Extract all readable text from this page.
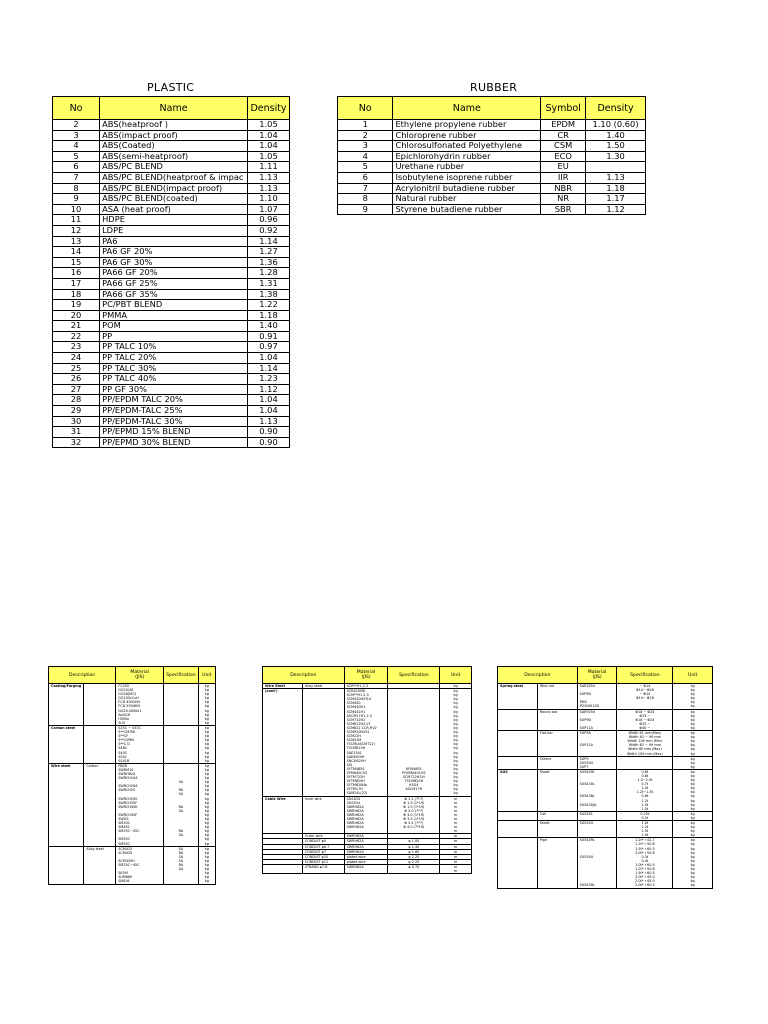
PLASTIC	RUBBER
No	Name	Density
2	ABS(heatproof )	1.05
3	ABS(impact proof)	1.04
4	ABS(Coated)	1.04
5	ABS(semi-heatproof)	1.05
6	ABS/PC BLEND	1.11
7	ABS/PC BLEND(heatproof & impac	1.13
8	ABS/PC BLEND(impact proof)	1.13
9	ABS/PC BLEND(coated)	1.10
10	ASA (heat proof)	1.07
11	HDPE	0.96
12	LDPE	0.92
13	PA6	1.14
14	PA6 GF 20%	1.27
15	PA6 GF 30%	1.36
16	PA66 GF 20%	1.28
17	PA66 GF 25%	1.31
18	PA66 GF 35%	1.38
19	PC/PBT BLEND	1.22
20	PMMA	1.18
21	POM	1.40
22	PP	0.91
23	PP TALC 10%	0.97
24	PP TALC 20%	1.04
25	PP TALC 30%	1.14
26	PP TALC 40%	1.23
27	PP GF 30%	1.12
28	PP/EPDM TALC 20%	1.04
29	PP/EPDM-TALC 25%	1.04
30	PP/EPDM-TALC 30%	1.13
31	PP/EPMD 15% BLEND	0.90
32	PP/EPMD 30% BLEND	0.90
No	Name	Symbol	Density
1	Ethylene propylene rubber	EPDM	1.10 (0.60)
2	Chloroprene rubber	CR	1.40
3	Chlorosulfonated Polyethylene	CSM	1.50
4	Epichlorohydrin rubber	ECO	1.30
5	Urethane rubber	EU	
6	Isobutylene isoprene rubber	IIR	1.13
7	Acrylonitril butadiene rubber	NBR	1.18
8	Natural rubber	NR	1.17
9	Styrene butadiene rubber	SBR	1.12
Description		Material
(JIS)	Specification	Unit
Casting/Forging		FC250		kg
		GG20/26		kg
		GG26(MO)		kg
		GG20GrCuH		kg
		FCD 400/450		kg
		FCD 500/600		kg
		GG20-SiMo51		kg
		SoGGH		kg
		HSiMo		kg
		SUS		kg
Carbon steel		S35C ~ S53C		kg
		S**CM,RB		kg
		S**CF		kg
		S**CVMN		kg
		S**C D		kg
		S48C		kg
		S40C		kg
		SS41		kg
		SS41B		kg
Wire steel	Carbon	FB08		kg
		SWRM10		kg
		SWRH62A		kg
		SWRCH10A		kg
			SA	kg
		SWRCH18A		kg
		SWRCH25	RA	kg
			SA	kg
		SWRCH25K		kg
		SWRCH25F		kg
		SWRCH45K	RA	kg
			SA	kg
		SWRCH45F		kg
		SWG3		kg
		SM20C		kg
		SM45C		kg
		SM25C~45C	RA	kg
			SA	kg
		SM50C		kg
		SM55C		kg
	Alloy steel	SCM415	SA	kg
		SCM435	RA	kg
			SA	kg
		SCM435H	SA	kg
		SM25C~45C	RA	kg
			SA	kg
		SK5M		kg
		SUM660		kg
		SN816		kg
Description		Material
(JIS)	Specification	Unit
Wire Steel	Alloy steel	SCR**H1,2,3		kg
(cont')		SCR420HB		kg
		SCM**H1,2,3		kg
		SCM420H/H1V		kg
		SCM440		kg
		SCM440H1		kg
		SCM441H1		kg
		ASCM17H1,2,3		kg
		SCM722H2		kg
		SCM822H2,V1		kg
		SCM822 CCR,HV2		kg
		SCM920HVS1		kg
		SCM22H		kg
		SCM41M		kg
		TSCM(ASCM722)		kg
		TSCM815H		kg
		SAE1541		kg
		SAE8620H		kg
		SNCM420H		kg
		SUJ		kg
		SYTM485S	KFM48S5	kg
		SYMA40CVS	POSMA40CVS	kg
		SYTM722H	SCM722H2VI	kg
		SYTM820H	TSCM820H	kg
		SYTM820Nb	KSG4	kg
		SYTM17H	ASCM17H	kg
		SUM24L(22)		kg
Cable Wire	Inner wire	SUS304	Φ 1.2 (7*7)	m
		SUS304	Φ 1.5 (1*19)	m
		SWRH62A	Φ 1.5 (1*19)	m
		SWRH62A	Φ 2.0 (7*7)	m
		SWRH62A	Φ 3.0 (1*19)	m
		SWRH62A	Φ 3.5 (1*19)	m
		SWRH62A	Φ 3.5 (7*7)	m
		SWRH62A	Φ 4.0 (7*19)	m
				m
	Outer wire	SWRH62A		m
	CONDUIT φ5	SWRH62A	φ 1.00	m
	CONDUIT φ6.7	SWRH62A	φ 1.40	m
	CONDUIT φ7	SWRH62A	φ 1.60	m
	CONDUIT φ10	plated wire	φ 2.20	m
	CONDUIT φ11	plated wire	φ 2.20	m
	STRAND φ7.8	SWRH62A	φ 0.70	m
				m
Description		Material
(JIS)	Specification	Unit
Spring steel	Wire rod	SAE9254	~ Φ14	kg
			Φ14~ Φ18	kg
		SUP9D	~ Φ14	kg
			Φ14~ Φ18	kg
		PW2		kg
		POSHIS12D		kg
	Round bar	SAE9254	Φ18 ~ Φ24	kg
			Φ25 ~	kg
		SUP9D	Φ18 ~ Φ24	kg
			Φ25 ~	kg
		SUP11A	Φ40 ~	kg
	Flat bar	SUP9A	Width 61 mm(Max)	kg
			Width 61 ~ 99 mm	kg
			Width 100 mm (Min)	kg
		SUP11A	Width 61 ~ 99 mm	kg
			Width 60 mm (Max)	kg
			Width 100 mm (Max)	kg
	Others	SUP9		kg
		SUS304		kg
		SUP7		kg
SUS	Sheet	SUS409L	0.6t	kg
			0.8t	kg
			1.0~2.0t	kg
		SUS430L	0.7t	kg
			1.0t	kg
			1.2t~1.5t	kg
		SUS436L	0.6t	kg
			1.2t	kg
		SUS430JIL	1.0t	kg
			1.5t	kg
	Coil	SUS301	0.25t	kg
			0.2t	kg
	Sheet	SUS304	1.0t	kg
			1.2t	kg
			1.5t	kg
			2.0t	kg
	Pipe	SUS409L	1.2t* r 42.7	kg
			1.2t* r 50.8	kg
			1.5t* r 60.5	kg
			2.0t* r 50.8	kg
		SUS304	0.3t	kg
			0.4t	kg
			1.0t* r 60.5	kg
			1.2t* r 50.8	kg
			1.5t* r 60.5	kg
			2.0t* r 45.0	kg
			2.0t* r 45.0	kg
		SUS439L	2.0t* r 60.5	kg
